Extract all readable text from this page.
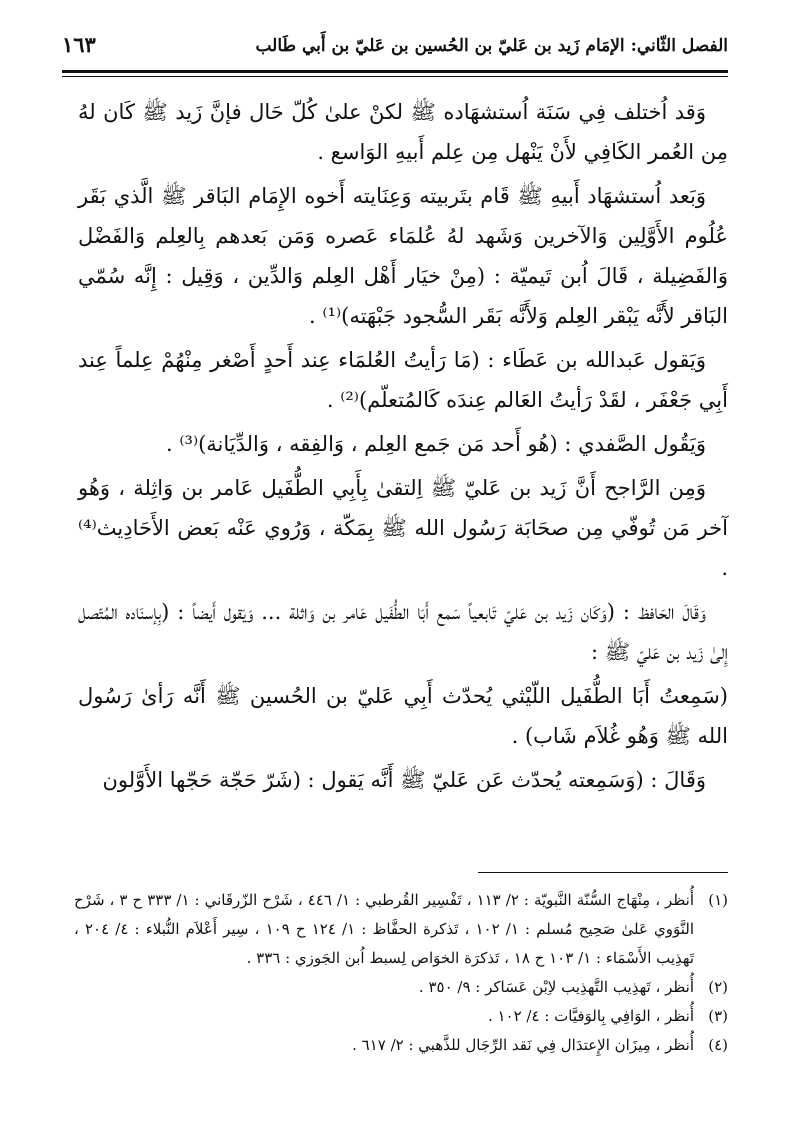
الفصل الثّاني: الإمَام زَيد بن عَليّ بن الحُسين بن عَليّ بن أَبي طَالب
١٦٣

وَقد اُختلف فِي سَنَة اُستشهَاده ﷺ لكنْ علىٰ كُلّ حَال فإنَّ زَيد ﷺ كَان لهُ مِن العُمر الكَافِي لأَنْ يَنْهل مِن عِلم أَبيهِ الوَاسع .

وَبَعد اُستشهَاد أَبيهِ ﷺ قَام بتَربيته وَعِنَايته أَخوه الإِمَام البَاقر ﷺ الَّذي بَقَر عُلُوم الأَوَّلِين وَالآخرين وَشَهد لهُ عُلمَاء عَصره وَمَن بَعدهم بِالعِلم وَالفَضْل وَالفَضِيلة ، قَالَ اُبن تَيميّة : (مِنْ خيَار أَهْل العِلم وَالدِّين ، وَقِيل : إِنَّه سُمّي البَاقر لأَنَّه يَبْقر العِلم وَلأَنَّه بَقَر السُّجود جَبْهَته)⁽¹⁾ .

وَيَقول عَبدالله بن عَطَاء : (مَا رَأيتُ العُلمَاء عِند أَحدٍ أَصْغر مِنْهُمْ عِلماً عِند أَبِي جَعْفَر ، لقَدْ رَأيتُ العَالم عِندَه كَالمُتعلّم)⁽²⁾ .

وَيَقُول الصَّفدي : (هُو أَحد مَن جَمع العِلم ، وَالفِقه ، وَالدِّيَانة)⁽³⁾ .

وَمِن الرَّاجح أَنَّ زَيد بن عَليّ ﷺ اِلتقىٰ بِأَبِي الطُّفَيل عَامر بن وَاثِلة ، وَهُو آخر مَن تُوفّي مِن صحَابَة رَسُول الله ﷺ بِمَكّة ، وَرُوي عَنْه بَعض الأَحَادِيث⁽⁴⁾ .

وَقَالَ الحَافظ : (وَكَان زَيد بن عَليّ تَابعياً سَمع أَبَا الطُّفَيل عَامر بن وَاثلة ... وَيَقول أَيضاً : (بِإسنَاده المُتّصل إِلىٰ زَيد بن عَليّ ﷺ :

(سَمِعتُ أَبَا الطُّفَيل اللّيْثي يُحدّث أَبِي عَليّ بن الحُسين ﷺ أَنَّه رَأىٰ رَسُول الله ﷺ وَهُو غُلاَم شَاب) .

وَقَالَ : (وَسَمِعته يُحدّث عَن عَليّ ﷺ أَنَّه يَقول : (شَرّ حَجّة حَجّها الأَوَّلون

(١)
أُنظر ، مِنْهَاج السُّنّة النَّبويّة : ٢/ ١١٣ ، تَفْسِير القُرطبي : ١/ ٤٤٦ ، شَرْح الزّرقَاني : ١/ ٣٣٣ ح ٣ ، شَرْح النَّوَوي عَلىٰ صَحِيح مُسلم : ١/ ١٠٢ ، تَذكرة الحفَّاظ : ١/ ١٢٤ ح ١٠٩ ، سِير أَعْلاَم النُّبلاء : ٤/ ٢٠٤ ، تَهذِيب الأَسْمَاء : ١/ ١٠٣ ح ١٨ ، تَذكرَة الخوَاص لِسبط اُبن الجَوزي : ٣٣٦ .
(٢)
أُنظر ، تَهذِيب التَّهذِيب لاِبْن عَسَاكر : ٩/ ٣٥٠ .
(٣)
أُنظر ، الوَافِي بِالوَفيَّات : ٤/ ١٠٢ .
(٤)
أُنظر ، مِيزَان الإِعتدَال فِي نَقد الرِّجَال للذَّهبي : ٢/ ٦١٧ .
